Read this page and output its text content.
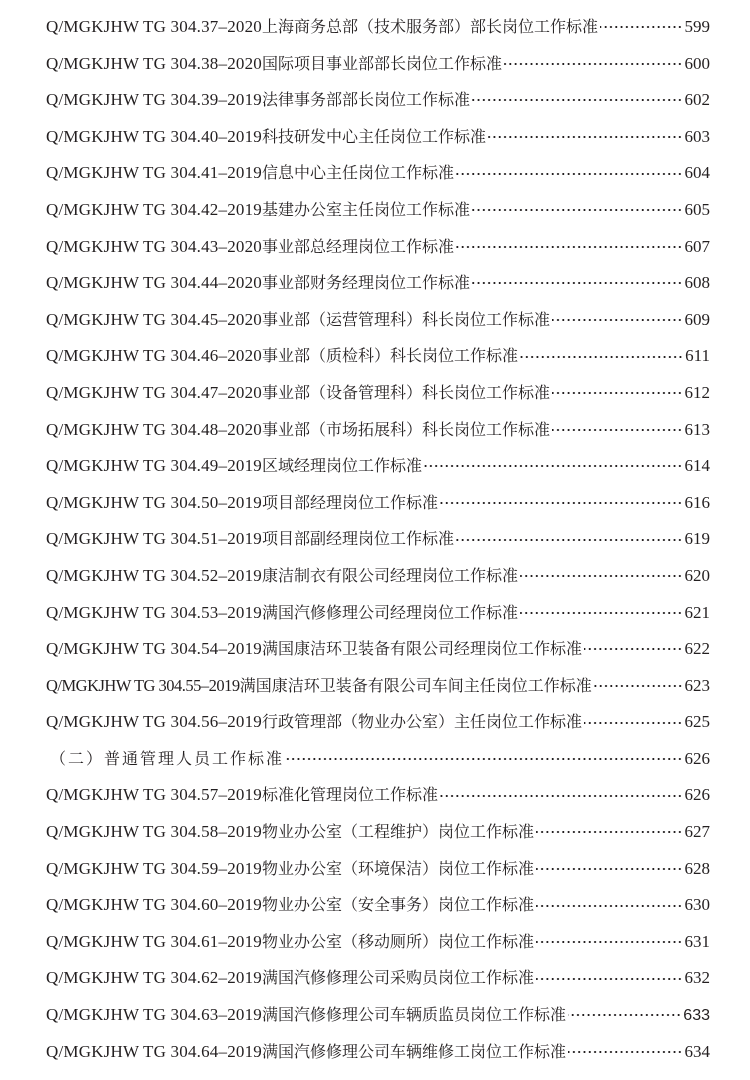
Q/MGKJHW TG 304.37–2020 上海商务总部（技术服务部）部长岗位工作标准	599
Q/MGKJHW TG 304.38–2020 国际项目事业部部长岗位工作标准	600
Q/MGKJHW TG 304.39–2019 法律事务部部长岗位工作标准	602
Q/MGKJHW TG 304.40–2019 科技研发中心主任岗位工作标准	603
Q/MGKJHW TG 304.41–2019 信息中心主任岗位工作标准	604
Q/MGKJHW TG 304.42–2019 基建办公室主任岗位工作标准	605
Q/MGKJHW TG 304.43–2020 事业部总经理岗位工作标准	607
Q/MGKJHW TG 304.44–2020 事业部财务经理岗位工作标准	608
Q/MGKJHW TG 304.45–2020 事业部（运营管理科）科长岗位工作标准	609
Q/MGKJHW TG 304.46–2020 事业部（质检科）科长岗位工作标准	611
Q/MGKJHW TG 304.47–2020 事业部（设备管理科）科长岗位工作标准	612
Q/MGKJHW TG 304.48–2020 事业部（市场拓展科）科长岗位工作标准	613
Q/MGKJHW TG 304.49–2019 区域经理岗位工作标准	614
Q/MGKJHW TG 304.50–2019 项目部经理岗位工作标准	616
Q/MGKJHW TG 304.51–2019 项目部副经理岗位工作标准	619
Q/MGKJHW TG 304.52–2019 康洁制衣有限公司经理岗位工作标准	620
Q/MGKJHW TG 304.53–2019 满国汽修修理公司经理岗位工作标准	621
Q/MGKJHW TG 304.54–2019 满国康洁环卫装备有限公司经理岗位工作标准	622
Q/MGKJHW TG 304.55–2019 满国康洁环卫装备有限公司车间主任岗位工作标准	623
Q/MGKJHW TG 304.56–2019 行政管理部（物业办公室）主任岗位工作标准	625
（二）普通管理人员工作标准	626
Q/MGKJHW TG 304.57–2019 标准化管理岗位工作标准	626
Q/MGKJHW TG 304.58–2019 物业办公室（工程维护）岗位工作标准	627
Q/MGKJHW TG 304.59–2019 物业办公室（环境保洁）岗位工作标准	628
Q/MGKJHW TG 304.60–2019 物业办公室（安全事务）岗位工作标准	630
Q/MGKJHW TG 304.61–2019 物业办公室（移动厕所）岗位工作标准	631
Q/MGKJHW TG 304.62–2019 满国汽修修理公司采购员岗位工作标准	632
Q/MGKJHW TG 304.63–2019 满国汽修修理公司车辆质监员岗位工作标准	633
Q/MGKJHW TG 304.64–2019 满国汽修修理公司车辆维修工岗位工作标准	634
